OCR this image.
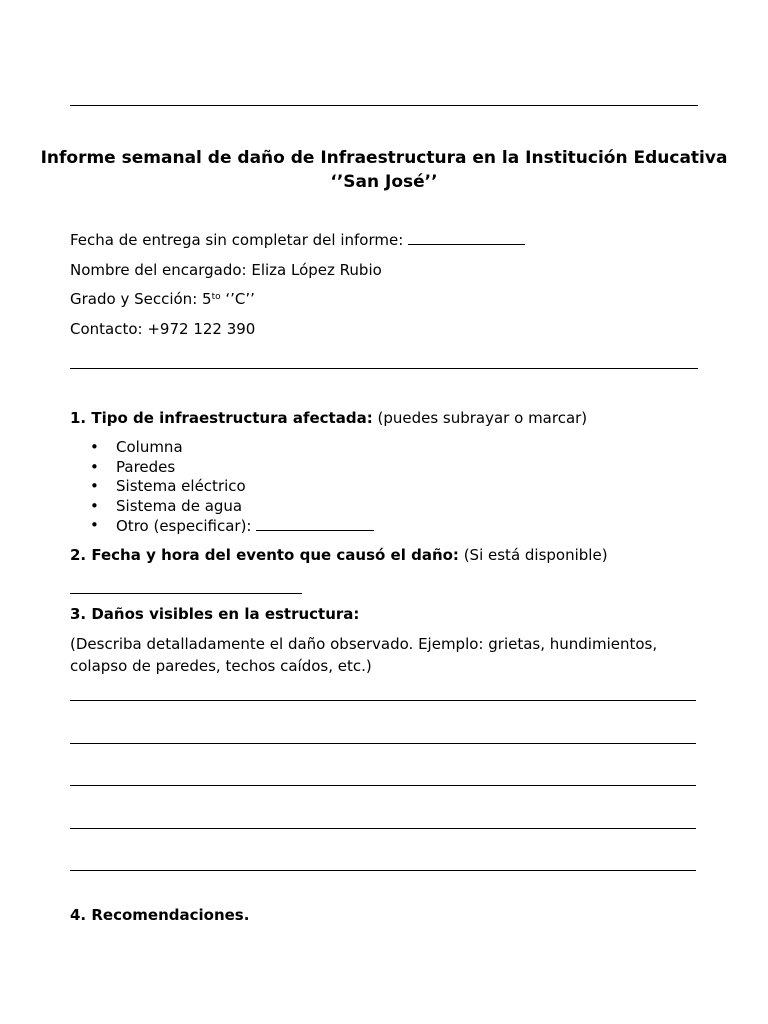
Informe semanal de daño de Infraestructura en la Institución Educativa ‘’San José’’
Fecha de entrega sin completar del informe:
Nombre del encargado: Eliza López Rubio
Grado y Sección: $5^{to}$ ‘’C’’
Contacto: +972 122 390
1. Tipo de infraestructura afectada: (puedes subrayar o marcar)
• Columna
• Paredes
• Sistema eléctrico
• Sistema de agua
• Otro (especificar):
2. Fecha y hora del evento que causó el daño: (Si está disponible)
3. Daños visibles en la estructura:
(Describa detalladamente el daño observado. Ejemplo: grietas, hundimientos, colapso de paredes, techos caídos, etc.)
4. Recomendaciones.
